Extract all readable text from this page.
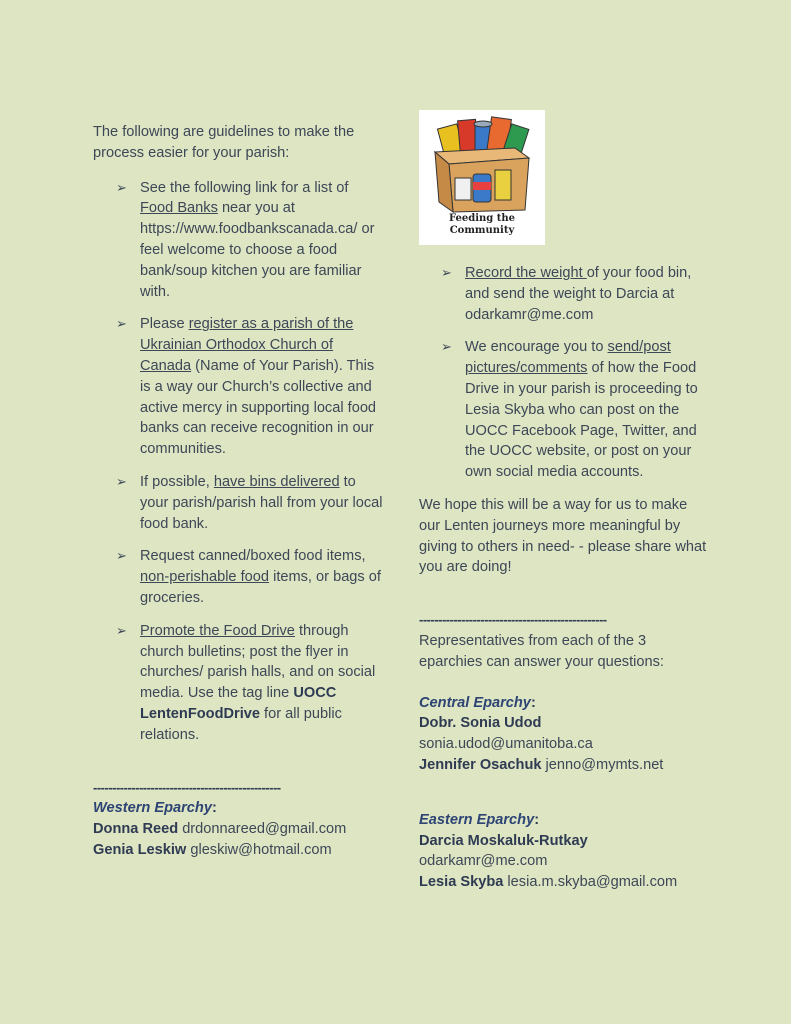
The following are guidelines to make the process easier for your parish:

➢ See the following link for a list of Food Banks near you at https://www.foodbankscanada.ca/ or feel welcome to choose a food bank/soup kitchen you are familiar with.
➢ Please register as a parish of the Ukrainian Orthodox Church of Canada (Name of Your Parish). This is a way our Church’s collective and active mercy in supporting local food banks can receive recognition in our communities.
➢ If possible, have bins delivered to your parish/parish hall from your local food bank.
➢ Request canned/boxed food items, non-perishable food items, or bags of groceries.
➢ Promote the Food Drive through church bulletins; post the flyer in churches/ parish halls, and on social media. Use the tag line UOCC LentenFoodDrive for all public relations.
-------------------------------------------------

Western Eparchy:

Donna Reed drdonnareed@gmail.com

Genia Leskiw gleskiw@hotmail.com

Feeding the
Community
➢ Record the weight of your food bin, and send the weight to Darcia at odarkamr@me.com
➢ We encourage you to send/post pictures/comments of how the Food Drive in your parish is proceeding to Lesia Skyba who can post on the UOCC Facebook Page, Twitter, and the UOCC website, or post on your own social media accounts.

We hope this will be a way for us to make our Lenten journeys more meaningful by giving to others in need- - please share what you are doing!

-------------------------------------------------

Representatives from each of the 3 eparchies can answer your questions:

Central Eparchy:

Dobr. Sonia Udod

sonia.udod@umanitoba.ca

Jennifer Osachuk jenno@mymts.net

Eastern Eparchy:

Darcia Moskaluk-Rutkay

odarkamr@me.com

Lesia Skyba lesia.m.skyba@gmail.com
